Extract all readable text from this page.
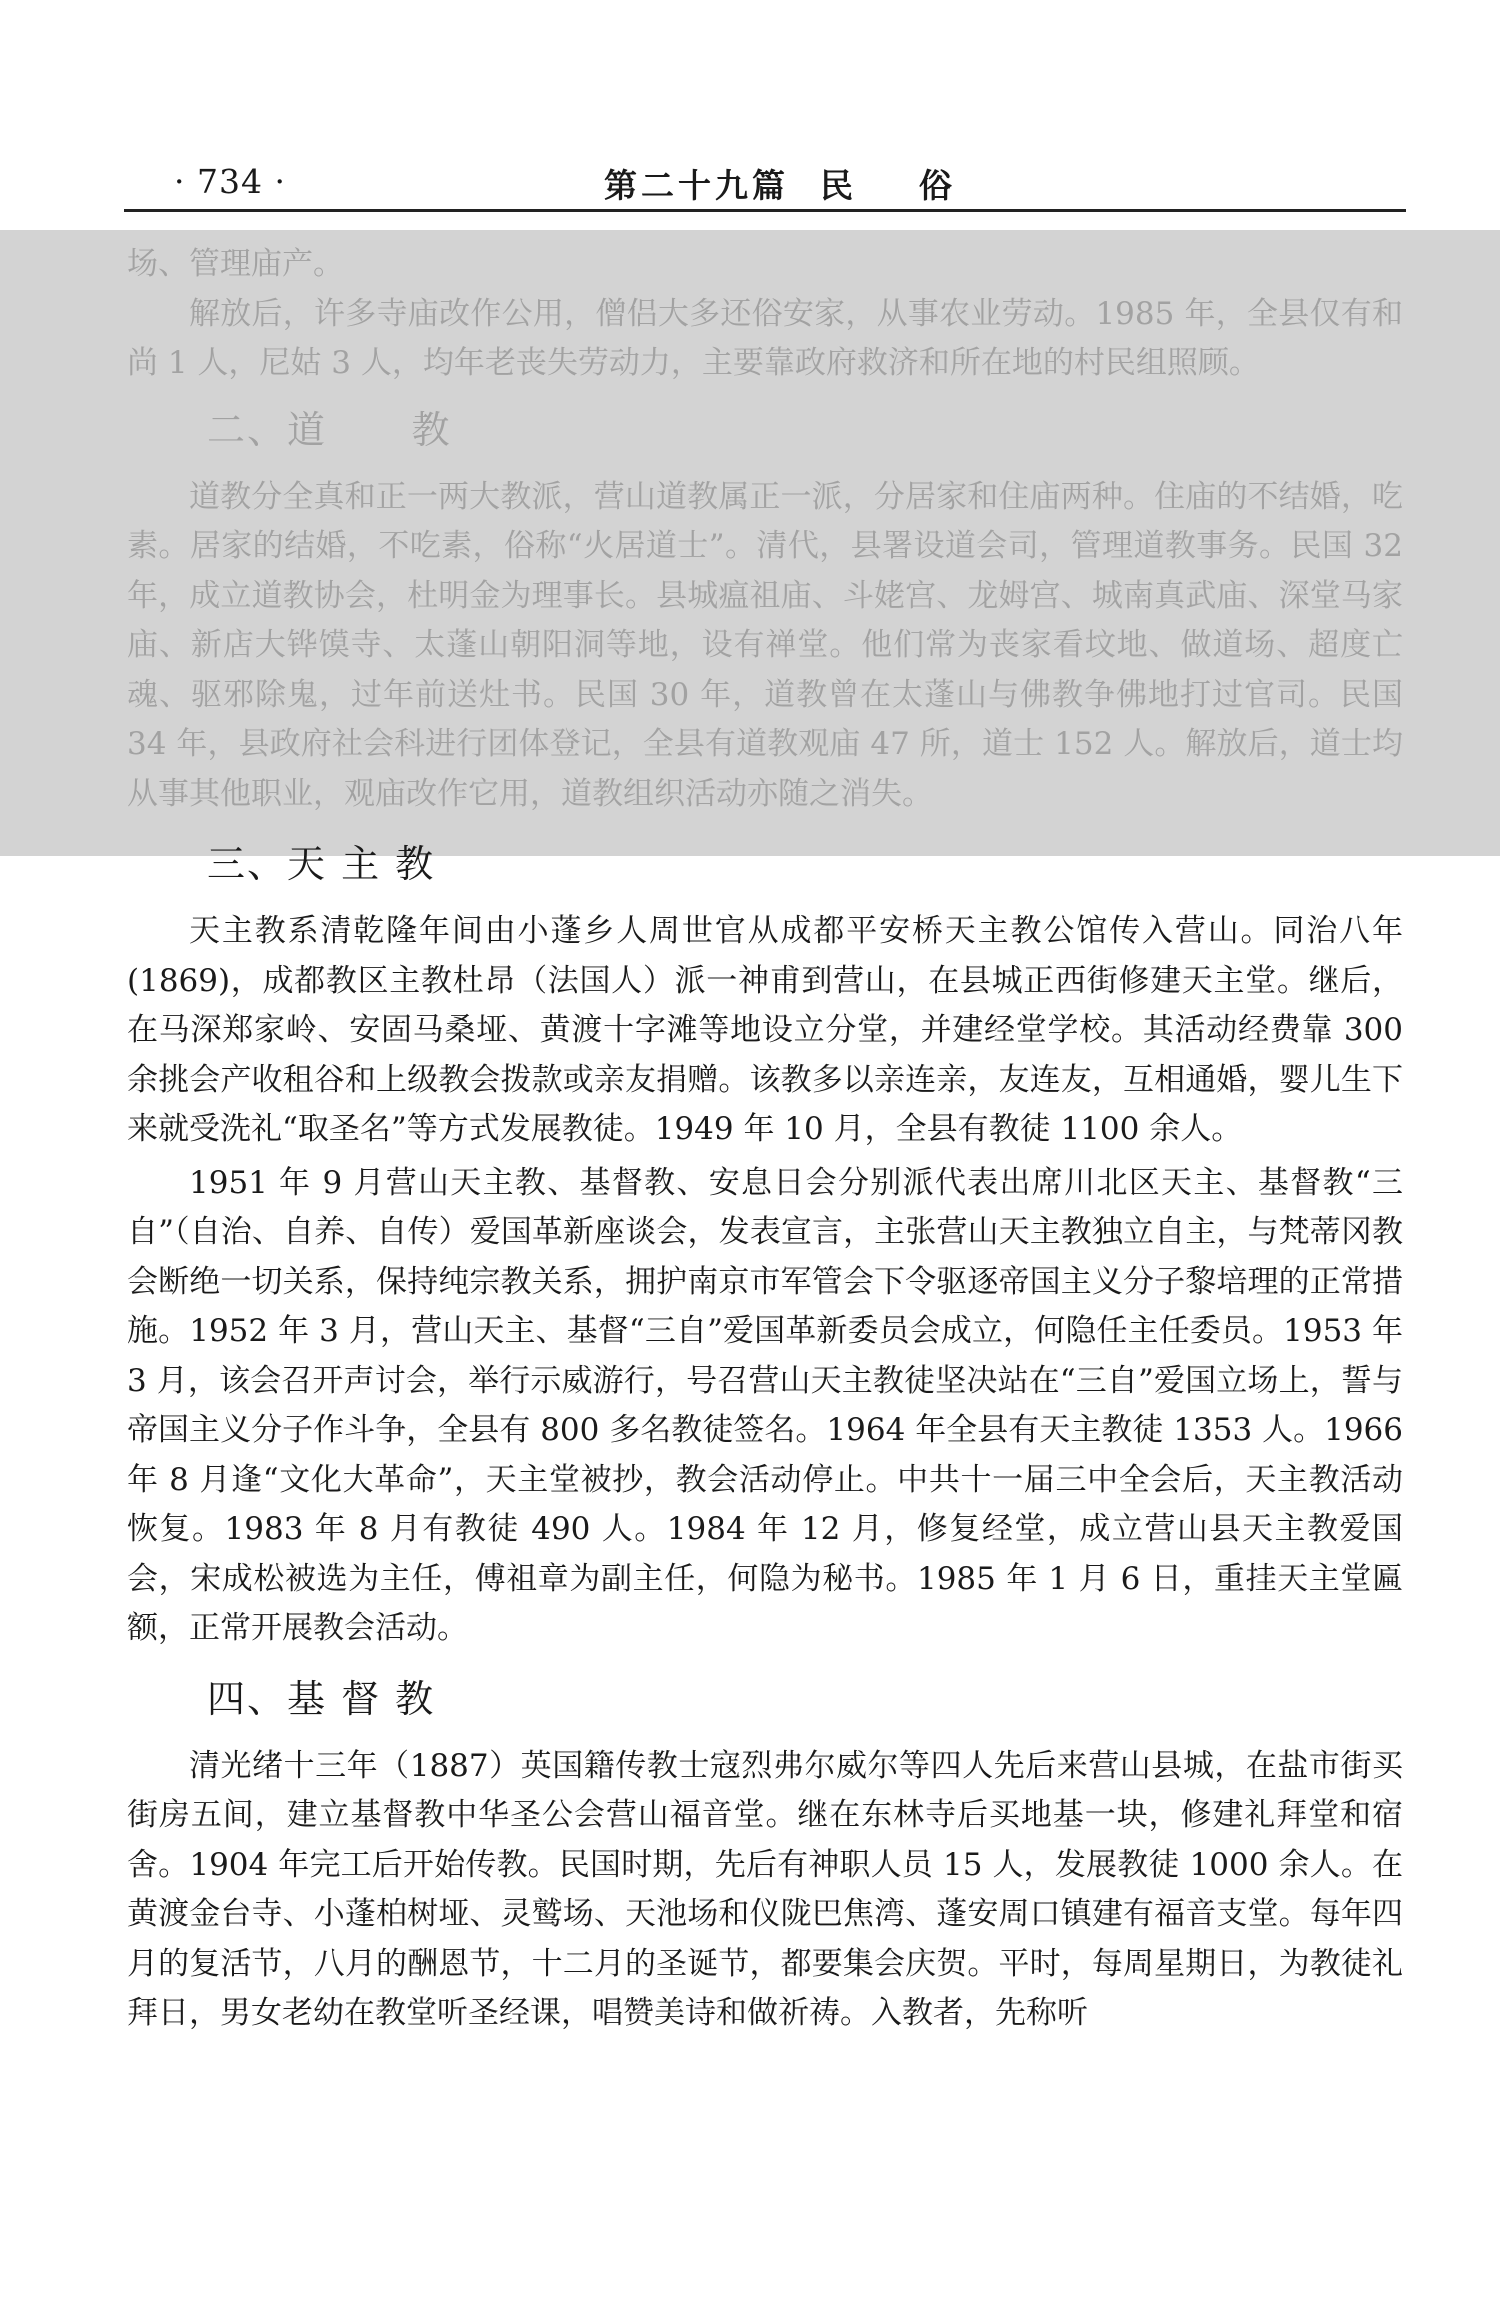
· 734 ·	第二十九篇  民    俗

场、管理庙产。

解放后，许多寺庙改作公用，僧侣大多还俗安家，从事农业劳动。1985 年，全县仅有和尚 1 人，尼姑 3 人，均年老丧失劳动力，主要靠政府救济和所在地的村民组照顾。

二、道      教

道教分全真和正一两大教派，营山道教属正一派，分居家和住庙两种。住庙的不结婚，吃素。居家的结婚，不吃素，俗称“火居道士”。清代，县署设道会司，管理道教事务。民国 32 年，成立道教协会，杜明金为理事长。县城瘟祖庙、斗姥宫、龙姆宫、城南真武庙、深堂马家庙、新店大铧馍寺、太蓬山朝阳洞等地，设有禅堂。他们常为丧家看坟地、做道场、超度亡魂、驱邪除鬼，过年前送灶书。民国 30 年，道教曾在太蓬山与佛教争佛地打过官司。民国 34 年，县政府社会科进行团体登记，全县有道教观庙 47 所，道士 152 人。解放后，道士均从事其他职业，观庙改作它用，道教组织活动亦随之消失。

三、天 主 教

天主教系清乾隆年间由小蓬乡人周世官从成都平安桥天主教公馆传入营山。同治八年(1869)，成都教区主教杜昂（法国人）派一神甫到营山，在县城正西街修建天主堂。继后，在马深郑家岭、安固马桑垭、黄渡十字滩等地设立分堂，并建经堂学校。其活动经费靠 300 余挑会产收租谷和上级教会拨款或亲友捐赠。该教多以亲连亲，友连友，互相通婚，婴儿生下来就受洗礼“取圣名”等方式发展教徒。1949 年 10 月，全县有教徒 1100 余人。

1951 年 9 月营山天主教、基督教、安息日会分别派代表出席川北区天主、基督教“三自”（自治、自养、自传）爱国革新座谈会，发表宣言，主张营山天主教独立自主，与梵蒂冈教会断绝一切关系，保持纯宗教关系，拥护南京市军管会下令驱逐帝国主义分子黎培理的正常措施。1952 年 3 月，营山天主、基督“三自”爱国革新委员会成立，何隐任主任委员。1953 年 3 月，该会召开声讨会，举行示威游行，号召营山天主教徒坚决站在“三自”爱国立场上，誓与帝国主义分子作斗争，全县有 800 多名教徒签名。1964 年全县有天主教徒 1353 人。1966 年 8 月逢“文化大革命”，天主堂被抄，教会活动停止。中共十一届三中全会后，天主教活动恢复。1983 年 8 月有教徒 490 人。1984 年 12 月，修复经堂，成立营山县天主教爱国会，宋成松被选为主任，傅祖章为副主任，何隐为秘书。1985 年 1 月 6 日，重挂天主堂匾额，正常开展教会活动。

四、基 督 教

清光绪十三年（1887）英国籍传教士寇烈弗尔威尔等四人先后来营山县城，在盐市街买街房五间，建立基督教中华圣公会营山福音堂。继在东林寺后买地基一块，修建礼拜堂和宿舍。1904 年完工后开始传教。民国时期，先后有神职人员 15 人，发展教徒 1000 余人。在黄渡金台寺、小蓬柏树垭、灵鹫场、天池场和仪陇巴焦湾、蓬安周口镇建有福音支堂。每年四月的复活节，八月的酬恩节，十二月的圣诞节，都要集会庆贺。平时，每周星期日，为教徒礼拜日，男女老幼在教堂听圣经课，唱赞美诗和做祈祷。入教者，先称听
